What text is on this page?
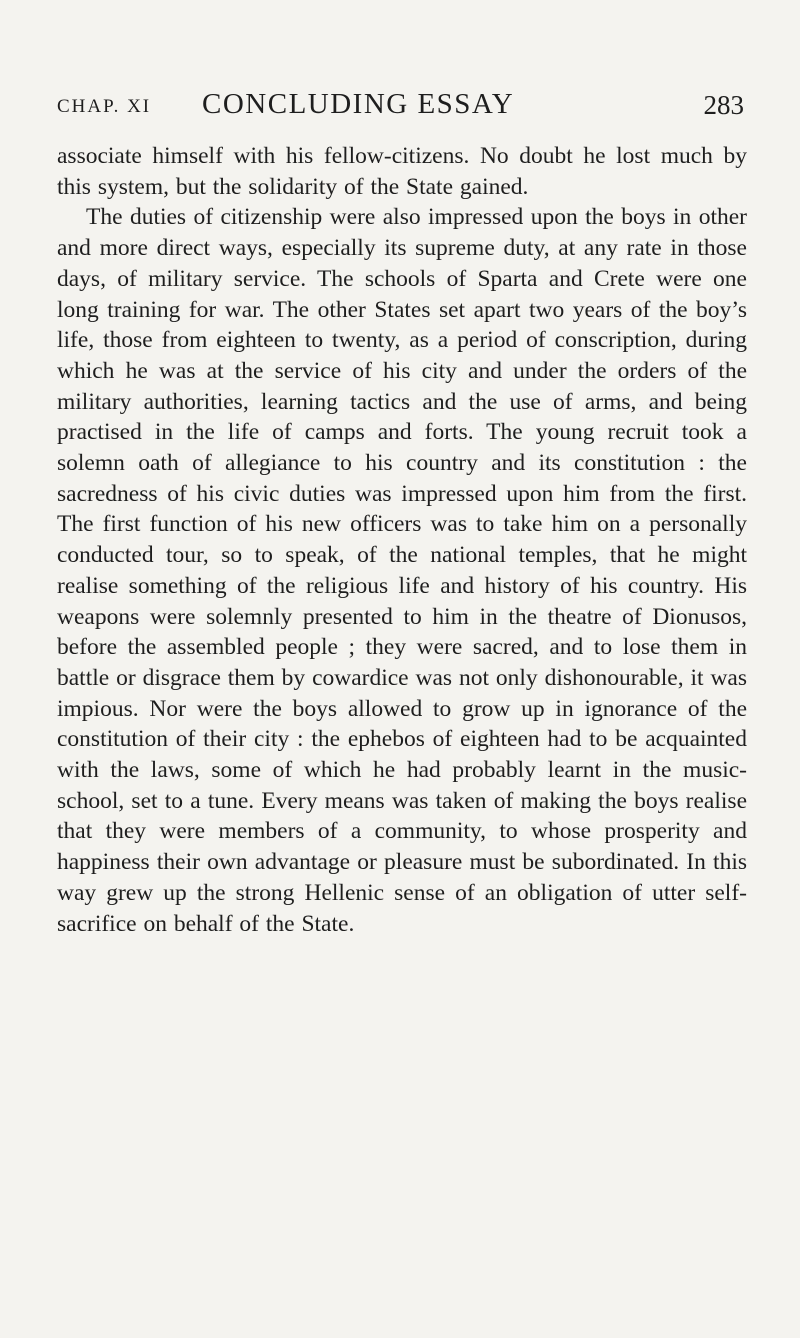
CHAP. XI CONCLUDING ESSAY	283

associate himself with his fellow-citizens. No doubt he lost much by this system, but the solidarity of the State gained.

The duties of citizenship were also impressed upon the boys in other and more direct ways, especially its supreme duty, at any rate in those days, of military service. The schools of Sparta and Crete were one long training for war. The other States set apart two years of the boy’s life, those from eighteen to twenty, as a period of conscription, during which he was at the service of his city and under the orders of the military authorities, learning tactics and the use of arms, and being practised in the life of camps and forts. The young recruit took a solemn oath of allegiance to his country and its constitution : the sacredness of his civic duties was impressed upon him from the first. The first function of his new officers was to take him on a personally conducted tour, so to speak, of the national temples, that he might realise something of the religious life and history of his country. His weapons were solemnly presented to him in the theatre of Dionusos, before the assembled people ; they were sacred, and to lose them in battle or disgrace them by cowardice was not only dishonourable, it was impious. Nor were the boys allowed to grow up in ignorance of the constitution of their city : the ephebos of eighteen had to be acquainted with the laws, some of which he had probably learnt in the music-school, set to a tune. Every means was taken of making the boys realise that they were members of a community, to whose prosperity and happiness their own advantage or pleasure must be subordinated. In this way grew up the strong Hellenic sense of an obligation of utter self-sacrifice on behalf of the State.
